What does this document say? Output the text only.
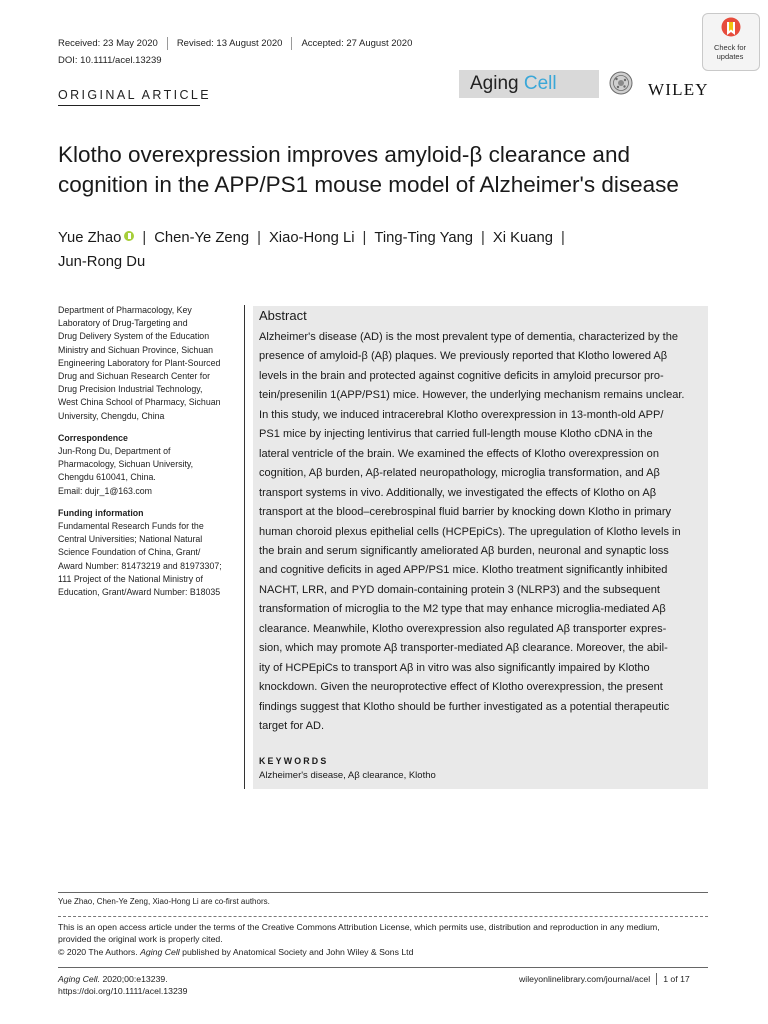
Received: 23 May 2020 Revised: 13 August 2020 Accepted: 27 August 2020
DOI: 10.1111/acel.13239
ORIGINAL ARTICLE
Aging Cell	WILEY
Check for
updates
Klotho overexpression improves amyloid-β clearance and
cognition in the APP/PS1 mouse model of Alzheimer's disease
Yue Zhao | Chen-Ye Zeng | Xiao-Hong Li | Ting-Ting Yang | Xi Kuang |
Jun-Rong Du
Department of Pharmacology, Key
Laboratory of Drug-Targeting and
Drug Delivery System of the Education
Ministry and Sichuan Province, Sichuan
Engineering Laboratory for Plant-Sourced
Drug and Sichuan Research Center for
Drug Precision Industrial Technology,
West China School of Pharmacy, Sichuan
University, Chengdu, China
Correspondence
Jun-Rong Du, Department of
Pharmacology, Sichuan University,
Chengdu 610041, China.
Email: dujr_1@163.com
Funding information
Fundamental Research Funds for the
Central Universities; National Natural
Science Foundation of China, Grant/
Award Number: 81473219 and 81973307;
111 Project of the National Ministry of
Education, Grant/Award Number: B18035
Abstract
Alzheimer's disease (AD) is the most prevalent type of dementia, characterized by the
presence of amyloid-β (Aβ) plaques. We previously reported that Klotho lowered Aβ
levels in the brain and protected against cognitive deficits in amyloid precursor pro-
tein/presenilin 1(APP/PS1) mice. However, the underlying mechanism remains unclear.
In this study, we induced intracerebral Klotho overexpression in 13-month-old APP/
PS1 mice by injecting lentivirus that carried full-length mouse Klotho cDNA in the
lateral ventricle of the brain. We examined the effects of Klotho overexpression on
cognition, Aβ burden, Aβ-related neuropathology, microglia transformation, and Aβ
transport systems in vivo. Additionally, we investigated the effects of Klotho on Aβ
transport at the blood–cerebrospinal fluid barrier by knocking down Klotho in primary
human choroid plexus epithelial cells (HCPEpiCs). The upregulation of Klotho levels in
the brain and serum significantly ameliorated Aβ burden, neuronal and synaptic loss
and cognitive deficits in aged APP/PS1 mice. Klotho treatment significantly inhibited
NACHT, LRR, and PYD domain-containing protein 3 (NLRP3) and the subsequent
transformation of microglia to the M2 type that may enhance microglia-mediated Aβ
clearance. Meanwhile, Klotho overexpression also regulated Aβ transporter expres-
sion, which may promote Aβ transporter-mediated Aβ clearance. Moreover, the abil-
ity of HCPEpiCs to transport Aβ in vitro was also significantly impaired by Klotho
knockdown. Given the neuroprotective effect of Klotho overexpression, the present
findings suggest that Klotho should be further investigated as a potential therapeutic
target for AD.
KEYWORDS
Alzheimer's disease, Aβ clearance, Klotho
Yue Zhao, Chen-Ye Zeng, Xiao-Hong Li are co-first authors.
This is an open access article under the terms of the Creative Commons Attribution License, which permits use, distribution and reproduction in any medium,
provided the original work is properly cited.
© 2020 The Authors. Aging Cell published by Anatomical Society and John Wiley & Sons Ltd
Aging Cell. 2020;00:e13239.
https://doi.org/10.1111/acel.13239
wileyonlinelibrary.com/journal/acel 1 of 17
